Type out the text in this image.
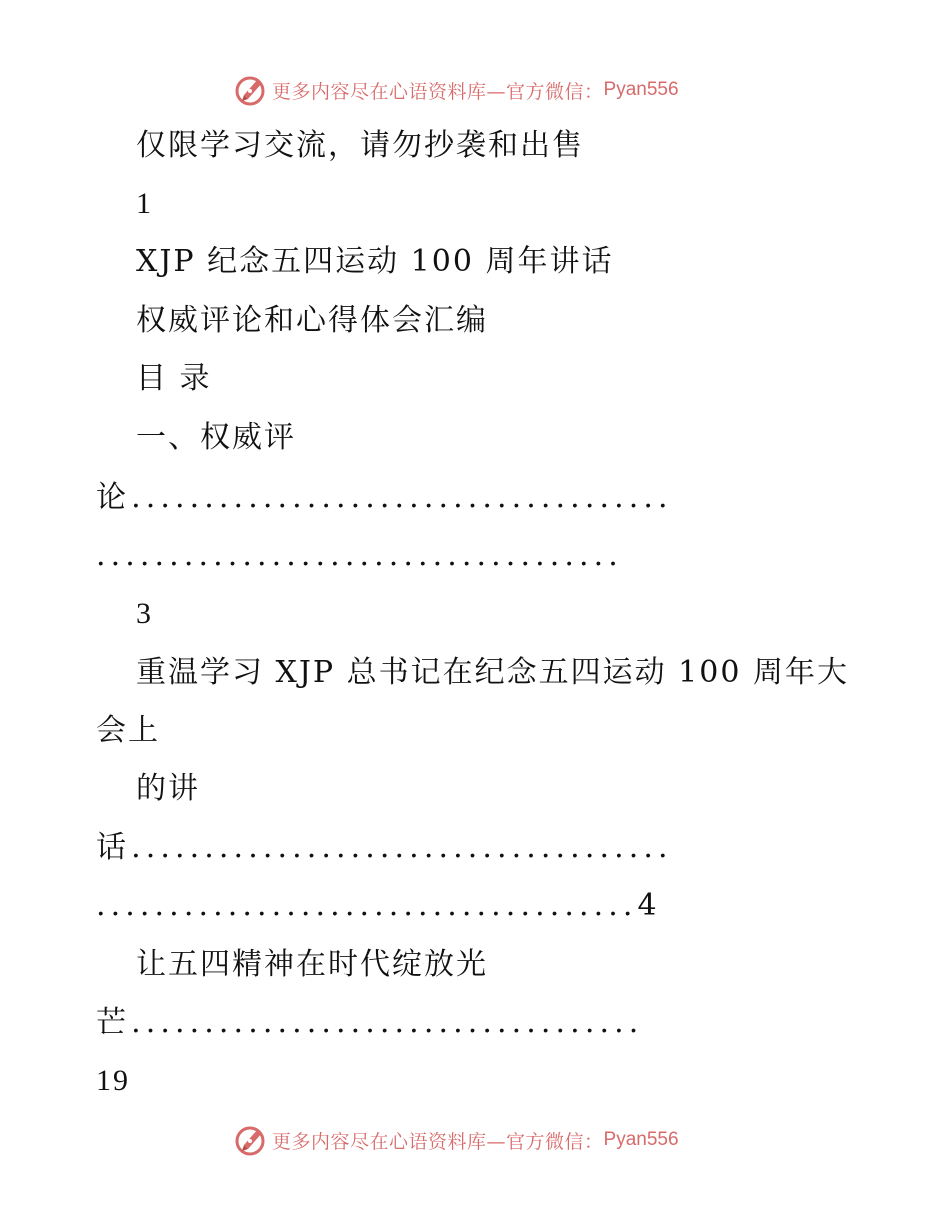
更多内容尽在心语资料库—官方微信： Pyan556
仅限学习交流，请勿抄袭和出售
1
XJP 纪念五四运动 100 周年讲话
权威评论和心得体会汇编
目 录
一、权威评
论.....................................
....................................
3
重温学习 XJP 总书记在纪念五四运动 100 周年大
会上
的讲
话.....................................
.....................................4
让五四精神在时代绽放光
芒...................................
19
更多内容尽在心语资料库—官方微信： Pyan556
